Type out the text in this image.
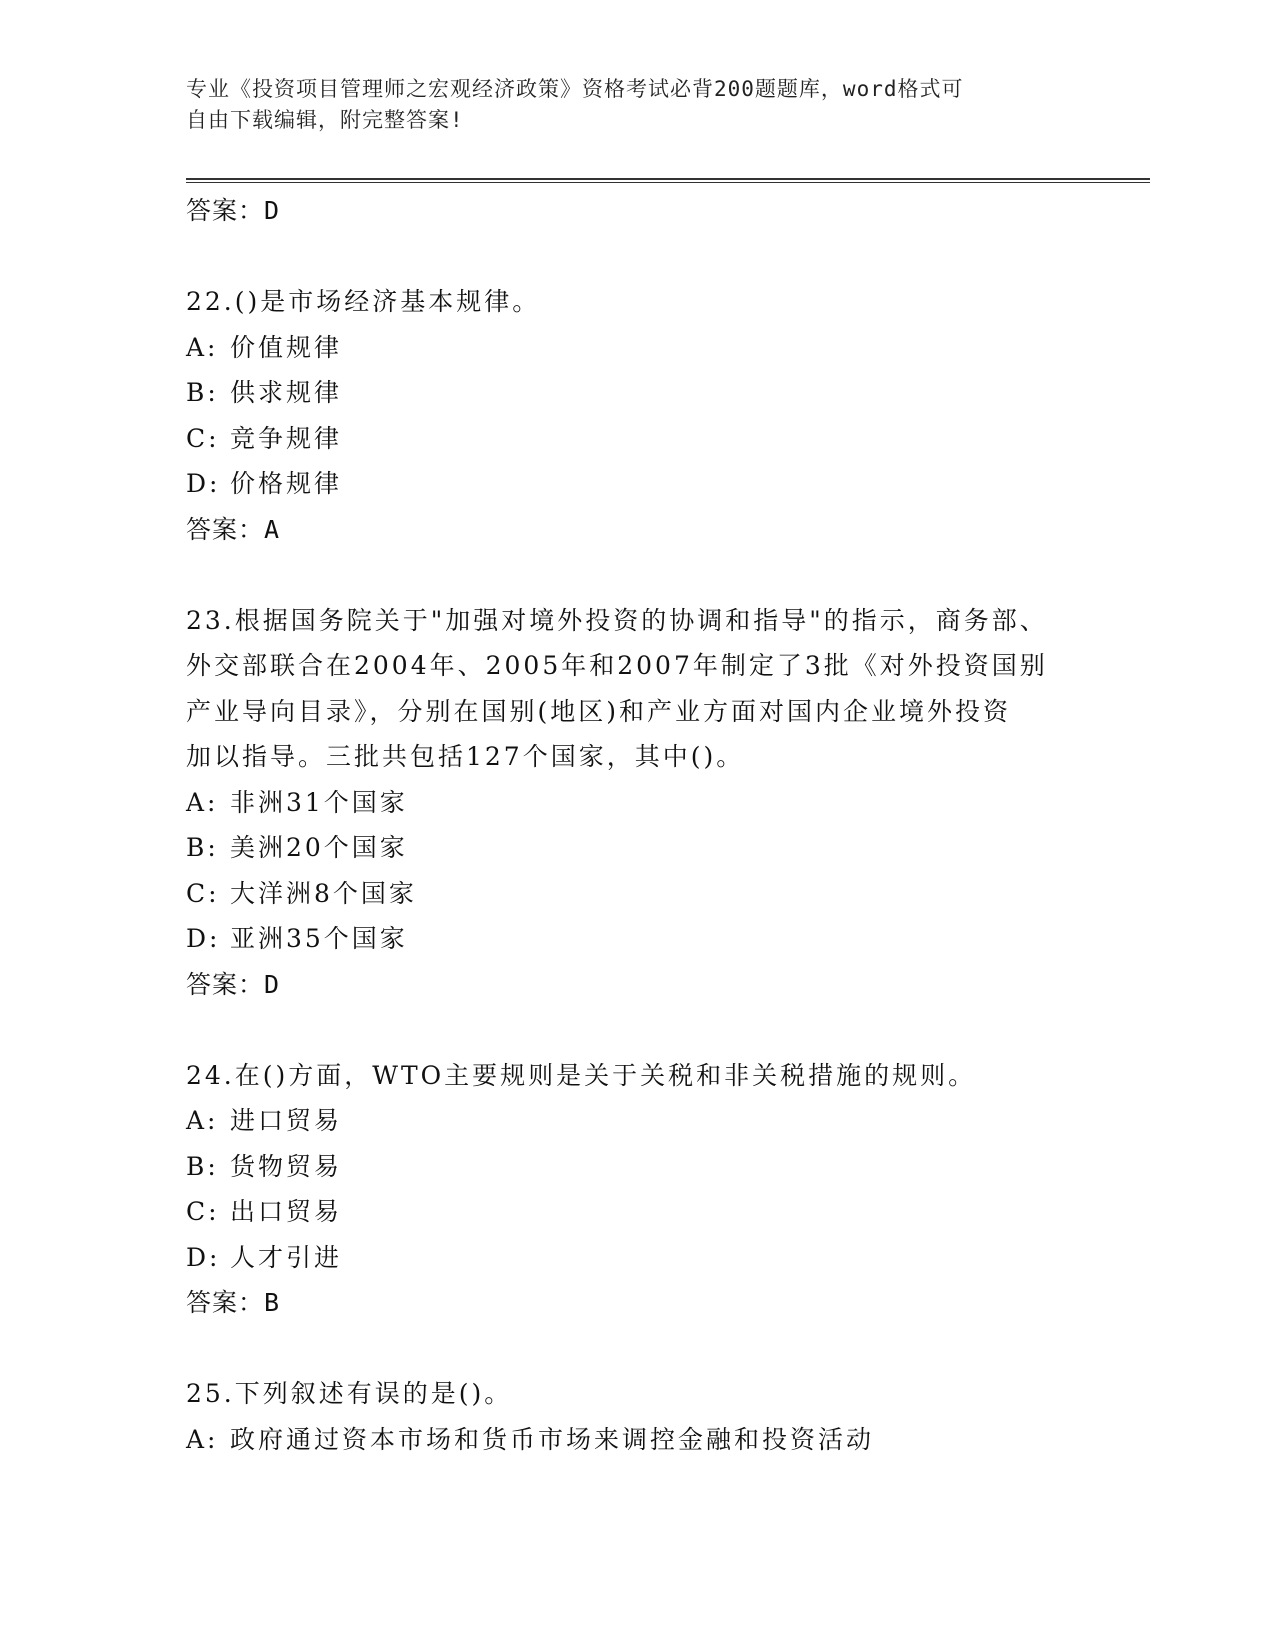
专业《投资项目管理师之宏观经济政策》资格考试必背200题题库，word格式可
自由下载编辑，附完整答案!
答案：D
22.()是市场经济基本规律。
A: 价值规律
B: 供求规律
C: 竞争规律
D: 价格规律
答案：A
23.根据国务院关于"加强对境外投资的协调和指导"的指示，商务部、
外交部联合在2004年、2005年和2007年制定了3批《对外投资国别
产业导向目录》，分别在国别(地区)和产业方面对国内企业境外投资
加以指导。三批共包括127个国家，其中()。
A: 非洲31个国家
B: 美洲20个国家
C: 大洋洲8个国家
D: 亚洲35个国家
答案：D
24.在()方面，WTO主要规则是关于关税和非关税措施的规则。
A: 进口贸易
B: 货物贸易
C: 出口贸易
D: 人才引进
答案：B
25.下列叙述有误的是()。
A: 政府通过资本市场和货币市场来调控金融和投资活动
